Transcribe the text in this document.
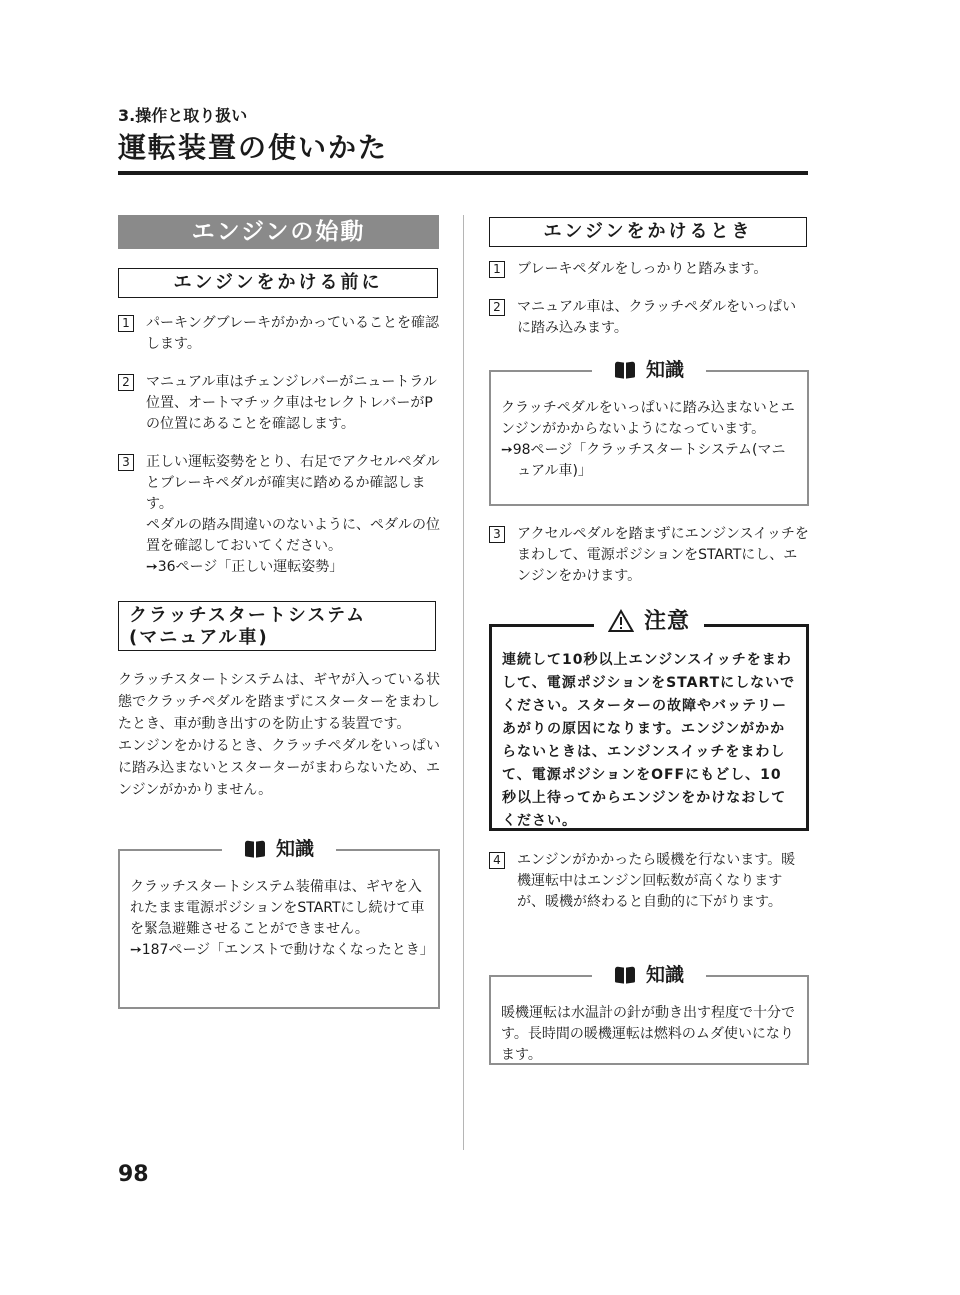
3.操作と取り扱い
運転装置の使いかた
エンジンの始動
エンジンをかける前に
1 パーキングブレーキがかかっていることを確認します。
2 マニュアル車はチェンジレバーがニュートラル位置、オートマチック車はセレクトレバーがPの位置にあることを確認します。
3 正しい運転姿勢をとり、右足でアクセルペダルとブレーキペダルが確実に踏めるか確認します。
ペダルの踏み間違いのないように、ペダルの位置を確認しておいてください。
➙36ページ「正しい運転姿勢」
クラッチスタートシステム
(マニュアル車)
クラッチスタートシステムは、ギヤが入っている状態でクラッチペダルを踏まずにスターターをまわしたとき、車が動き出すのを防止する装置です。
エンジンをかけるとき、クラッチペダルをいっぱいに踏み込まないとスターターがまわらないため、エンジンがかかりません。
知識
クラッチスタートシステム装備車は、ギヤを入れたまま電源ポジションをSTARTにし続けて車を緊急避難させることができません。
➙187ページ「エンストで動けなくなったとき」
エンジンをかけるとき
1 ブレーキペダルをしっかりと踏みます。
2 マニュアル車は、クラッチペダルをいっぱいに踏み込みます。
知識
クラッチペダルをいっぱいに踏み込まないとエンジンがかからないようになっています。
➙98ページ「クラッチスタートシステム(マニュアル車)」
3 アクセルペダルを踏まずにエンジンスイッチをまわして、電源ポジションをSTARTにし、エンジンをかけます。
注意
連続して10秒以上エンジンスイッチをまわして、電源ポジションをSTARTにしないでください。スターターの故障やバッテリーあがりの原因になります。エンジンがかからないときは、エンジンスイッチをまわして、電源ポジションをOFFにもどし、10秒以上待ってからエンジンをかけなおしてください。
4 エンジンがかかったら暖機を行ないます。暖機運転中はエンジン回転数が高くなりますが、暖機が終わると自動的に下がります。
知識
暖機運転は水温計の針が動き出す程度で十分です。長時間の暖機運転は燃料のムダ使いになります。
98
